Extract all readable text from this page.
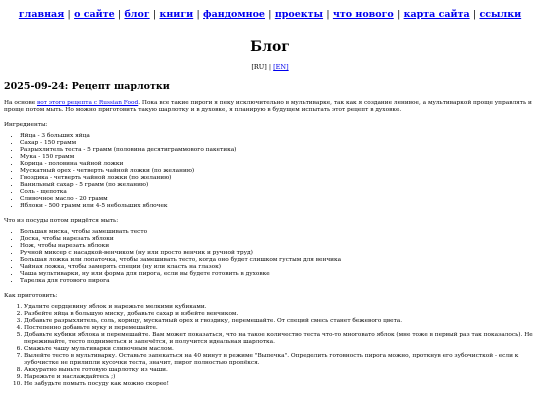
главная | о сайте | блог | книги | фандомное | проекты | что нового | карта сайта | ссылки
Блог
[RU] | [EN]
2025-09-24: Рецепт шарлотки

На основе вот этого рецепта с Russian Food. Пока все такие пироги я пеку исключительно в мультиварке, так как я создание ленивое, а мультиваркой проще управлять и проще потом мыть. Но можно приготовить такую шарлотку и в духовке, я планирую в будущем испытать этот рецепт в духовке.

Ингредиенты:

• Яйца - 3 больших яйца
• Сахар - 150 грамм
• Разрыхлитель теста - 5 грамм (половина десятиграммового пакетика)
• Мука - 150 грамм
• Корица - половина чайной ложки
• Мускатный орех - четверть чайной ложки (по желанию)
• Гвоздика - четверть чайной ложки (по желанию)
• Ванильный сахар - 5 грамм (по желанию)
• Соль - щепотка
• Сливочное масло - 20 грамм
• Яблоки - 500 грамм или 4-5 небольших яблочек

Что из посуды потом придётся мыть:

• Большая миска, чтобы замешивать тесто
• Доска, чтобы нарезать яблоки
• Нож, чтобы нарезать яблоки
• Ручной миксер с насадкой-венчиком (ну или просто венчик и ручной труд)
• Большая ложка или лопаточка, чтобы замешивать тесто, когда оно будет слишком густым для венчика
• Чайная ложка, чтобы замерять специи (ну или класть на глазок)
• Чаша мультиварки, ну или форма для пирога, если вы будете готовить в духовке
• Тарелка для готового пирога

Как приготовить:

1. Удалите сердцевину яблок и нарежьте мелкими кубиками.
2. Разбейте яйца в большую миску, добавьте сахар и взбейте венчиком.
3. Добавьте разрыхлитель, соль, корицу, мускатный орех и гвоздику, перемешайте. От специй смесь станет бежевого цвета.
4. Постепенно добавьте муку и перемешайте.
5. Добавьте кубики яблока и перемешайте. Вам может показаться, что на такое количество теста что-то многовато яблок (мне тоже в первый раз так показалось). Не переживайте, тесто подниметься и запечётся, и получится идеальная шарлотка.
6. Смажьте чашу мультиварки сливочным маслом.
7. Вылейте тесто в мультиварку. Оставьте запекаться на 40 минут в режиме "Выпечка". Определить готовность пирога можно, проткнув его зубочисткой - если к зубочистке не прилипли кусочки теста, значит, пирог полностью пропёкся.
8. Аккуратно выньте готовую шарлотку из чаши.
9. Нарежьте и наслаждайтесь ;)
10. Не забудьте помыть посуду как можно скорее!
